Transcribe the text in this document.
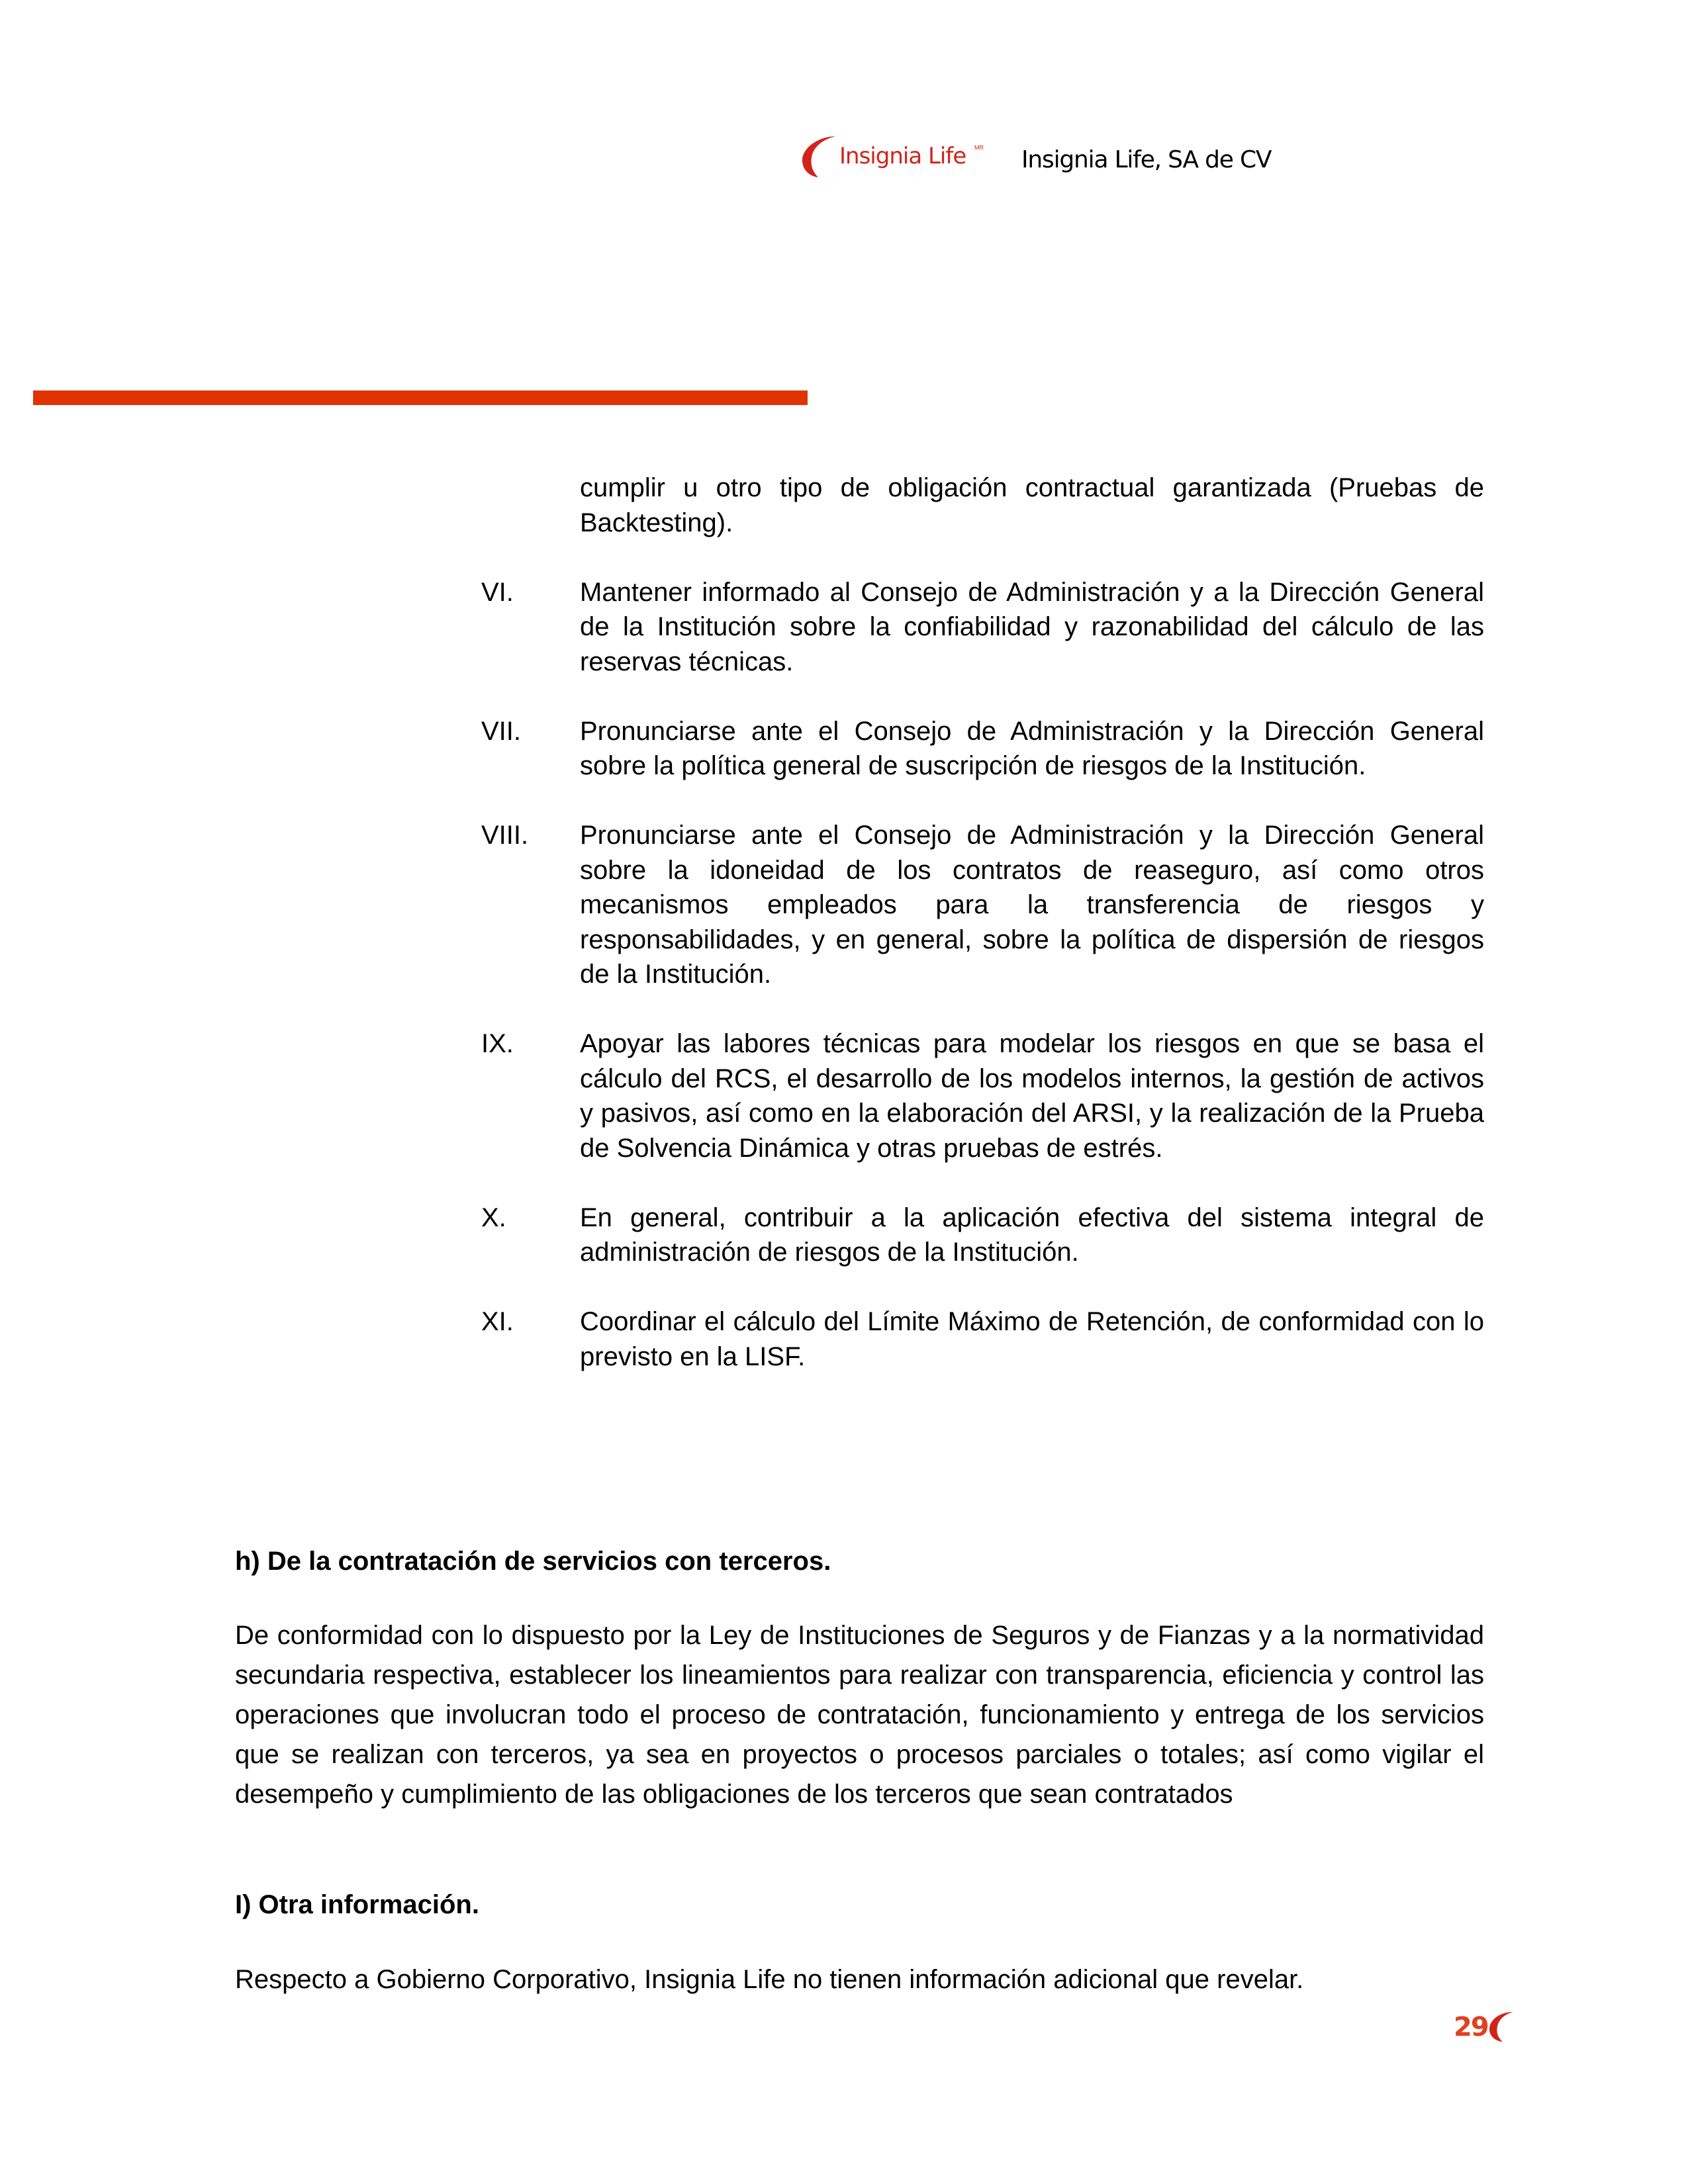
Insignia Life MR Insignia Life, SA de CV
cumplir u otro tipo de obligación contractual garantizada (Pruebas de Backtesting).
VI.	Mantener informado al Consejo de Administración y a la Dirección General de la Institución sobre la confiabilidad y razonabilidad del cálculo de las reservas técnicas.
VII. Pronunciarse ante el Consejo de Administración y la Dirección General sobre la política general de suscripción de riesgos de la Institución.
VIII. Pronunciarse ante el Consejo de Administración y la Dirección General sobre la idoneidad de los contratos de reaseguro, así como otros mecanismos empleados para la transferencia de riesgos y responsabilidades, y en general, sobre la política de dispersión de riesgos de la Institución.
IX.	Apoyar las labores técnicas para modelar los riesgos en que se basa el cálculo del RCS, el desarrollo de los modelos internos, la gestión de activos y pasivos, así como en la elaboración del ARSI, y la realización de la Prueba de Solvencia Dinámica y otras pruebas de estrés.
X.	En general, contribuir a la aplicación efectiva del sistema integral de administración de riesgos de la Institución.
XI.	Coordinar el cálculo del Límite Máximo de Retención, de conformidad con lo previsto en la LISF.
h) De la contratación de servicios con terceros.
De conformidad con lo dispuesto por la Ley de Instituciones de Seguros y de Fianzas y a la normatividad secundaria respectiva, establecer los lineamientos para realizar con transparencia, eficiencia y control las operaciones que involucran todo el proceso de contratación, funcionamiento y entrega de los servicios que se realizan con terceros, ya sea en proyectos o procesos parciales o totales; así como vigilar el desempeño y cumplimiento de las obligaciones de los terceros que sean contratados
I) Otra información.
Respecto a Gobierno Corporativo, Insignia Life no tienen información adicional que revelar.
29
